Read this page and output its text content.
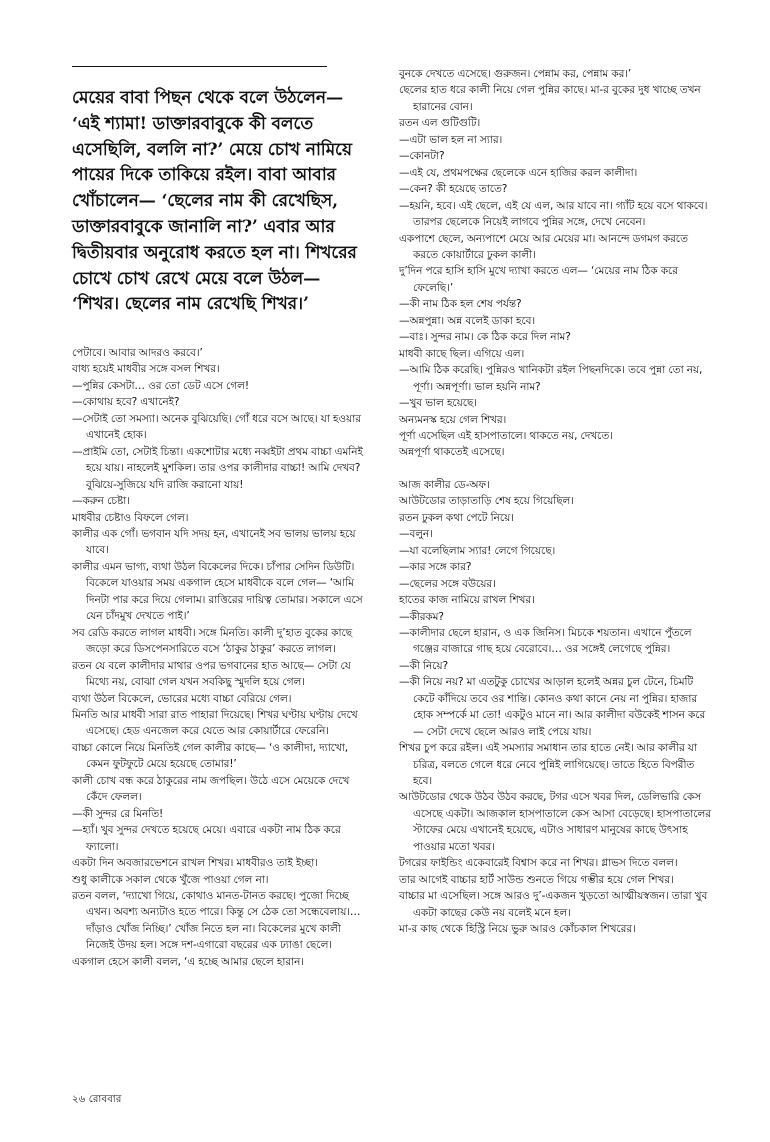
মেয়ের বাবা পিছন থেকে বলে উঠলেন— ‘এই শ্যামা! ডাক্তারবাবুকে কী বলতে এসেছিলি, বললি না?’ মেয়ে চোখ নামিয়ে পায়ের দিকে তাকিয়ে রইল। বাবা আবার খোঁচালেন— ‘ছেলের নাম কী রেখেছিস, ডাক্তারবাবুকে জানালি না?’ এবার আর দ্বিতীয়বার অনুরোধ করতে হল না। শিখরের চোখে চোখ রেখে মেয়ে বলে উঠল— ‘শিখর। ছেলের নাম রেখেছি শিখর।’

পেটাবে। আবার আদরও করবে।’

বাধ্য হয়েই মাধবীর সঙ্গে বসল শিখর।

—পুন্নির কেসটা… ওর তো ডেট এসে গেল!

—কোথায় হবে? এখানেই?

—সেটাই তো সমস্যা। অনেক বুঝিয়েছি। গোঁ ধরে বসে আছে। যা হওয়ার এখানেই হোক।

—প্রাইমি তো, সেটাই চিন্তা। একশোটার মধ্যে নব্বইটা প্রথম বাচ্চা এমনিই হয়ে যায়। নাহলেই মুশকিল। তার ওপর কালীদার বাচ্চা! আমি দেখব? বুঝিয়ে-সুজিয়ে যদি রাজি করানো যায়!

—করুন চেষ্টা।

মাধবীর চেষ্টাও বিফলে গেল।

কালীর এক গোঁ। ভগবান যদি সদয় হন, এখানেই সব ভালয় ভালয় হয়ে যাবে।

কালীর এমন ভাগ্য, ব্যথা উঠল বিকেলের দিকে। চাঁপার সেদিন ডিউটি। বিকেলে যাওয়ার সময় একগাল হেসে মাধবীকে বলে গেল— ‘আমি দিনটা পার করে দিয়ে গেলাম। রাত্তিরের দায়িত্ব তোমার। সকালে এসে যেন চাঁদমুখ দেখতে পাই।’

সব রেডি করতে লাগল মাধবী। সঙ্গে মিনতি। কালী দু’হাত বুকের কাছে জড়ো করে ডিসপেনসারিতে বসে ‘ঠাকুর ঠাকুর’ করতে লাগল।

রতন যে বলে কালীদার মাথার ওপর ভগবানের হাত আছে— সেটা যে মিথ্যে নয়, বোঝা গেল যখন সবকিছু স্মুদলি হয়ে গেল।

ব্যথা উঠল বিকেলে, ভোরের মধ্যে বাচ্চা বেরিয়ে গেল।

মিনতি আর মাধবী সারা রাত পাহারা দিয়েছে। শিখর ঘণ্টায় ঘণ্টায় দেখে এসেছে। হেড এনজেল করে যেতে আর কোয়ার্টারে ফেরেনি।

বাচ্চা কোলে নিয়ে মিনতিই গেল কালীর কাছে— ‘ও কালীদা, দ্যাখো, কেমন ফুটফুটে মেয়ে হয়েছে তোমার!’

কালী চোখ বন্ধ করে ঠাকুরের নাম জপছিল। উঠে এসে মেয়েকে দেখে কেঁদে ফেলল।

—কী সুন্দর রে মিনতি!

—হ্যাঁ। খুব সুন্দর দেখতে হয়েছে মেয়ে। এবারে একটা নাম ঠিক করে ফ্যালো।

একটা দিন অবজারভেশনে রাখল শিখর। মাধবীরও তাই ইচ্ছা।

শুধু কালীকে সকাল থেকে খুঁজে পাওয়া গেল না।

রতন বলল, ‘দ্যাখো গিয়ে, কোথাও মানত-টানত করছে। পুজো দিচ্ছে এখন। অবশ্য অন্যটাও হতে পারে। কিন্তু সে ঠেক তো সন্ধেবেলায়।… দাঁড়াও খোঁজ নিচ্ছি।’ খোঁজ নিতে হল না। বিকেলের মুখে কালী নিজেই উদয় হল। সঙ্গে দশ-এগারো বছরের এক ঢ্যাঙা ছেলে।

একগাল হেসে কালী বলল, ‘এ হচ্ছে আমার ছেলে হারান।

বুনকে দেখতে এসেছে। গুরুজন। পেন্নাম কর, পেন্নাম কর।’

ছেলের হাত ধরে কালী নিয়ে গেল পুন্নির কাছে। মা-র বুকের দুধ খাচ্ছে তখন হারানের বোন।

রতন এল গুটিগুটি।

—এটা ভাল হল না স্যার।

—কোনটা?

—এই যে, প্রথমপক্ষের ছেলেকে এনে হাজির করল কালীদা।

—কেন? কী হয়েছে তাতে?

—হয়নি, হবে। এই ছেলে, এই যে এল, আর যাবে না। গ্যাঁট হয়ে বসে থাকবে। তারপর ছেলেকে নিয়েই লাগবে পুন্নির সঙ্গে, দেখে নেবেন।

একপাশে ছেলে, অন্যপাশে মেয়ে আর মেয়ের মা। আনন্দে ডগমগ করতে করতে কোয়ার্টারে ঢুকল কালী।

দু’দিন পরে হাসি হাসি মুখে দ্যাখা করতে এল— ‘মেয়ের নাম ঠিক করে ফেলেছি।’

—কী নাম ঠিক হল শেষ পর্যন্ত?

—অন্নপুন্না। অন্ন বলেই ডাকা হবে।

—বাঃ। সুন্দর নাম। কে ঠিক করে দিল নাম?

মাধবী কাছে ছিল। এগিয়ে এল।

—আমি ঠিক করেছি। পুন্নিরও খানিকটা রইল পিছনদিকে। তবে পুন্না তো নয়, পূর্ণা। অন্নপূর্ণা। ভাল হয়নি নাম?

—খুব ভাল হয়েছে।

অন্যমনস্ক হয়ে গেল শিখর।

পূর্ণা এসেছিল এই হাসপাতালে। থাকতে নয়, দেখতে।

অন্নপূর্ণা থাকতেই এসেছে।

আজ কালীর ডে-অফ।

আউটডোর তাড়াতাড়ি শেষ হয়ে গিয়েছিল।

রতন ঢুকল কথা পেটে নিয়ে।

—বলুন।

—যা বলেছিলাম স্যার! লেগে গিয়েছে।

—কার সঙ্গে কার?

—ছেলের সঙ্গে বউয়ের।

হাতের কাজ নামিয়ে রাখল শিখর।

—কীরকম?

—কালীদার ছেলে হারান, ও এক জিনিস। মিচকে শয়তান। এখানে পুঁতলে গঞ্জের বাজারে গাছ হয়ে বেরোবে।… ওর সঙ্গেই লেগেছে পুন্নির।

—কী নিয়ে?

—কী নিয়ে নয়? মা এতটুকু চোখের আড়াল হলেই অন্নর চুল টেনে, চিমটি কেটে কাঁদিয়ে তবে ওর শান্তি। কোনও কথা কানে নেয় না পুন্নির। হাজার হোক সম্পর্কে মা তো! একটুও মানে না। আর কালীদা বউকেই শাসন করে— সেটা দেখে ছেলে আরও লাই পেয়ে যায়।

শিখর চুপ করে রইল। এই সমস্যার সমাধান তার হাতে নেই। আর কালীর যা চরিত্র, বলতে গেলে ধরে নেবে পুন্নিই লাগিয়েছে। তাতে হিতে বিপরীত হবে।

আউটডোর থেকে উঠব উঠব করছে, টগর এসে খবর দিল, ডেলিভারি কেস এসেছে একটা। আজকাল হাসপাতালে কেস আসা বেড়েছে। হাসপাতালের স্টাফের মেয়ে এখানেই হয়েছে, এটাও সাধারণ মানুষের কাছে উৎসাহ পাওয়ার মতো খবর।

টগরের ফাইন্ডিং একেবারেই বিশ্বাস করে না শিখর। গ্লাভস দিতে বলল।

তার আগেই বাচ্চার হার্ট সাউন্ড শুনতে গিয়ে গম্ভীর হয়ে গেল শিখর।

বাচ্চার মা এসেছিল। সঙ্গে আরও দু’-একজন খুড়তো আত্মীয়স্বজন। তারা খুব একটা কাছের কেউ নয় বলেই মনে হল।

মা-র কাছ থেকে হিস্ট্রি নিয়ে ভুরু আরও কোঁচকাল শিখরের।

২৬ রোববার
